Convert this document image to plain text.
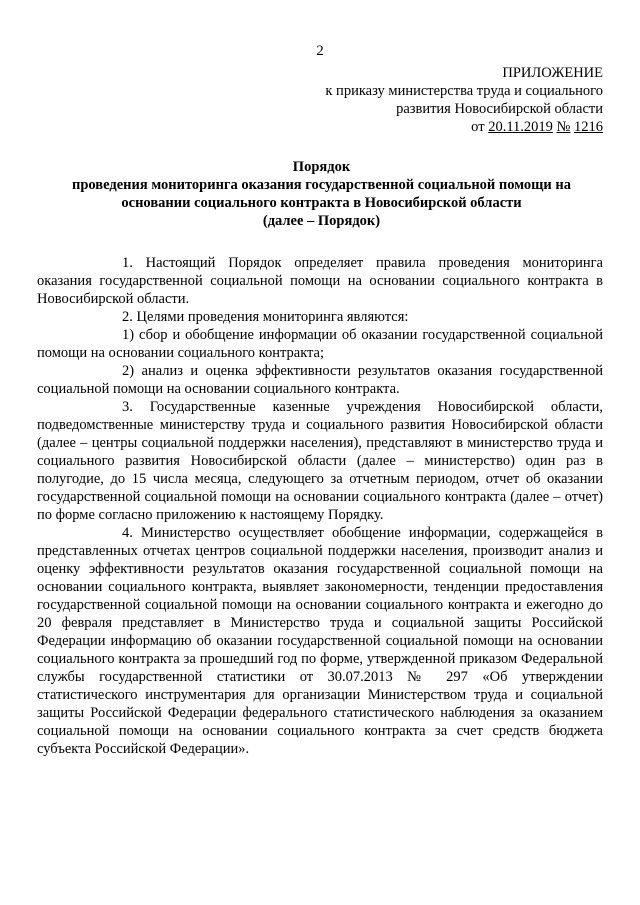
2
ПРИЛОЖЕНИЕ
к приказу министерства труда и социального
развития Новосибирской области
от 20.11.2019 № 1216
Порядок
проведения мониторинга оказания государственной социальной помощи на
основании социального контракта в Новосибирской области
(далее – Порядок)

1. Настоящий Порядок определяет правила проведения мониторинга оказания государственной социальной помощи на основании социального контракта в Новосибирской области.

2. Целями проведения мониторинга являются:

1) сбор и обобщение информации об оказании государственной социальной помощи на основании социального контракта;

2) анализ и оценка эффективности результатов оказания государственной социальной помощи на основании социального контракта.

3. Государственные казенные учреждения Новосибирской области, подведомственные министерству труда и социального развития Новосибирской области (далее – центры социальной поддержки населения), представляют в министерство труда и социального развития Новосибирской области (далее – министерство) один раз в полугодие, до 15 числа месяца, следующего за отчетным периодом, отчет об оказании государственной социальной помощи на основании социального контракта (далее – отчет) по форме согласно приложению к настоящему Порядку.

4. Министерство осуществляет обобщение информации, содержащейся в представленных отчетах центров социальной поддержки населения, производит анализ и оценку эффективности результатов оказания государственной социальной помощи на основании социального контракта, выявляет закономерности, тенденции предоставления государственной социальной помощи на основании социального контракта и ежегодно до 20 февраля представляет в Министерство труда и социальной защиты Российской Федерации информацию об оказании государственной социальной помощи на основании социального контракта за прошедший год по форме, утвержденной приказом Федеральной службы государственной статистики от 30.07.2013 № 297 «Об утверждении статистического инструментария для организации Министерством труда и социальной защиты Российской Федерации федерального статистического наблюдения за оказанием социальной помощи на основании социального контракта за счет средств бюджета субъекта Российской Федерации».
